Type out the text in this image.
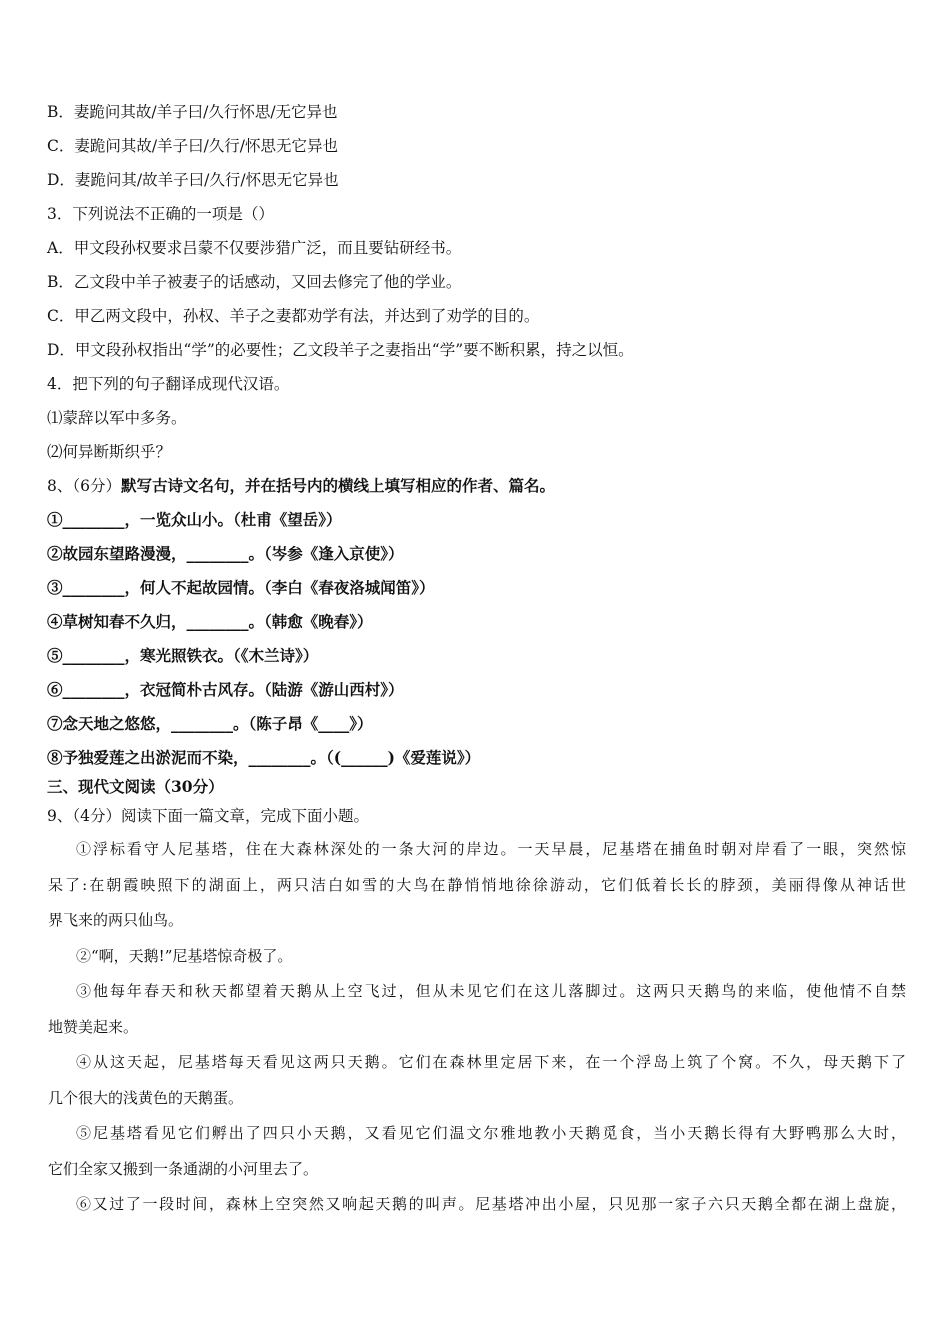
B．妻跪问其故/羊子曰/久行怀思/无它异也
C．妻跪问其故/羊子曰/久行/怀思无它异也
D．妻跪问其/故羊子曰/久行/怀思无它异也
3．下列说法不正确的一项是（）
A．甲文段孙权要求吕蒙不仅要涉猎广泛，而且要钻研经书。
B．乙文段中羊子被妻子的话感动，又回去修完了他的学业。
C．甲乙两文段中，孙权、羊子之妻都劝学有法，并达到了劝学的目的。
D．甲文段孙权指出“学”的必要性；乙文段羊子之妻指出“学”要不断积累，持之以恒。
4．把下列的句子翻译成现代汉语。
⑴蒙辞以军中多务。
⑵何异断斯织乎？
8、（6分）默写古诗文名句，并在括号内的横线上填写相应的作者、篇名。
①________，一览众山小。（杜甫《望岳》）
②故园东望路漫漫，________。（岑参《逢入京使》）
③________，何人不起故园情。（李白《春夜洛城闻笛》）
④草树知春不久归，________。（韩愈《晚春》）
⑤________，寒光照铁衣。（《木兰诗》）
⑥________，衣冠简朴古风存。（陆游《游山西村》）
⑦念天地之悠悠，________。（陈子昂《____》）
⑧予独爱莲之出淤泥而不染，________。（(______)《爱莲说》）
三、现代文阅读（30分）
9、（4分）阅读下面一篇文章，完成下面小题。
①浮标看守人尼基塔，住在大森林深处的一条大河的岸边。一天早晨，尼基塔在捕鱼时朝对岸看了一眼，突然惊
呆了:在朝霞映照下的湖面上，两只洁白如雪的大鸟在静悄悄地徐徐游动，它们低着长长的脖颈，美丽得像从神话世
界飞来的两只仙鸟。
②“啊，天鹅!”尼基塔惊奇极了。
③他每年春天和秋天都望着天鹅从上空飞过，但从未见它们在这儿落脚过。这两只天鹅鸟的来临，使他情不自禁
地赞美起来。
④从这天起，尼基塔每天看见这两只天鹅。它们在森林里定居下来，在一个浮岛上筑了个窝。不久，母天鹅下了
几个很大的浅黄色的天鹅蛋。
⑤尼基塔看见它们孵出了四只小天鹅，又看见它们温文尔雅地教小天鹅觅食，当小天鹅长得有大野鸭那么大时，
它们全家又搬到一条通湖的小河里去了。
⑥又过了一段时间，森林上空突然又响起天鹅的叫声。尼基塔冲出小屋，只见那一家子六只天鹅全都在湖上盘旋，
